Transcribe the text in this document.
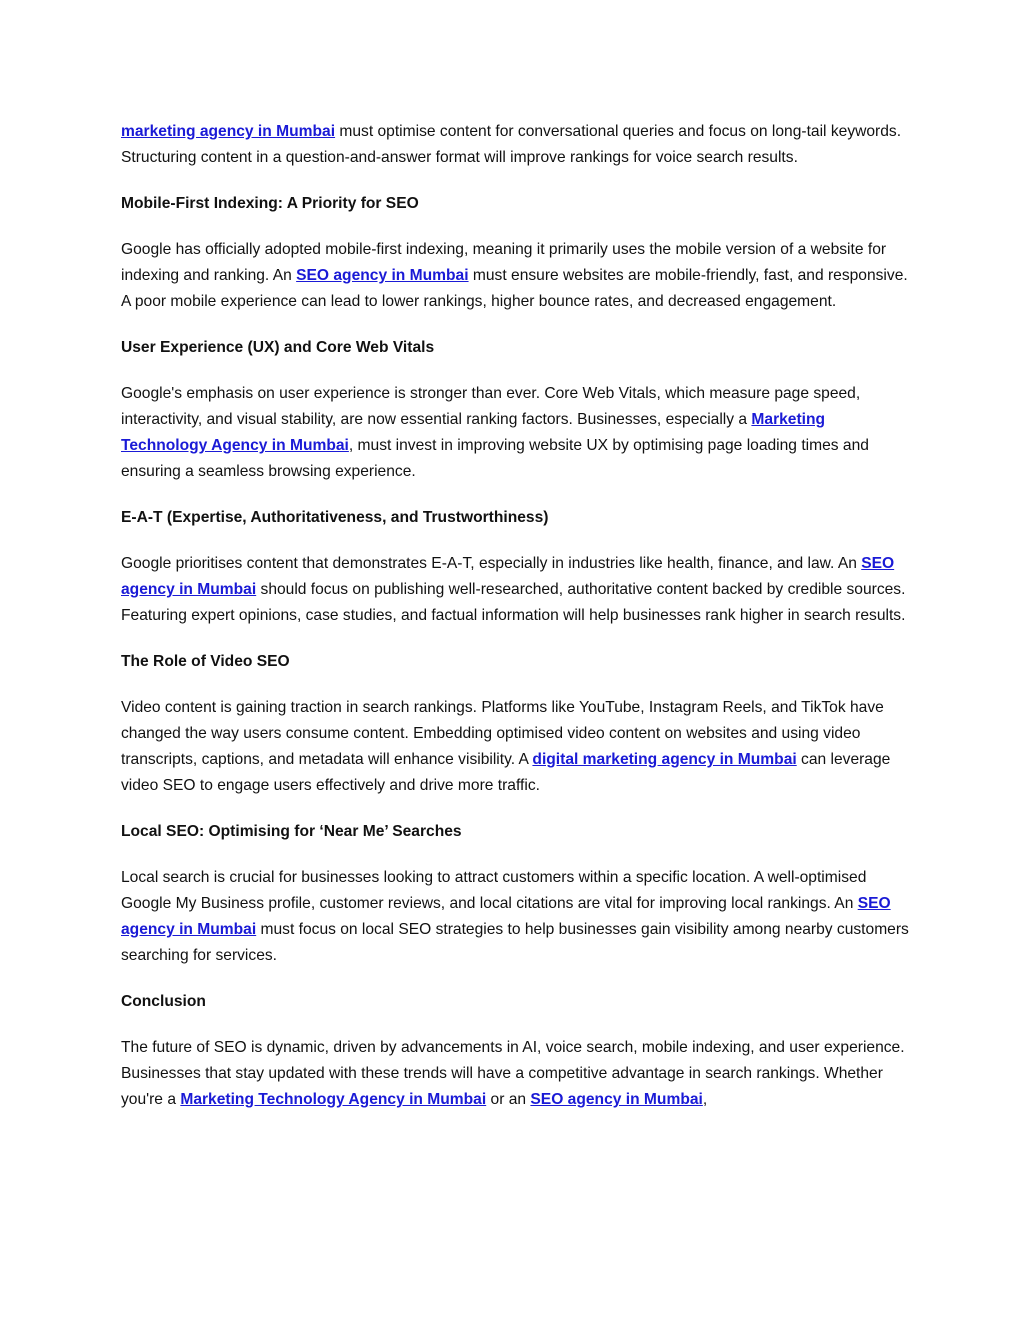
marketing agency in Mumbai must optimise content for conversational queries and focus on long-tail keywords. Structuring content in a question-and-answer format will improve rankings for voice search results.

Mobile-First Indexing: A Priority for SEO

Google has officially adopted mobile-first indexing, meaning it primarily uses the mobile version of a website for indexing and ranking. An SEO agency in Mumbai must ensure websites are mobile-friendly, fast, and responsive. A poor mobile experience can lead to lower rankings, higher bounce rates, and decreased engagement.

User Experience (UX) and Core Web Vitals

Google's emphasis on user experience is stronger than ever. Core Web Vitals, which measure page speed, interactivity, and visual stability, are now essential ranking factors. Businesses, especially a Marketing Technology Agency in Mumbai, must invest in improving website UX by optimising page loading times and ensuring a seamless browsing experience.

E-A-T (Expertise, Authoritativeness, and Trustworthiness)

Google prioritises content that demonstrates E-A-T, especially in industries like health, finance, and law. An SEO agency in Mumbai should focus on publishing well-researched, authoritative content backed by credible sources. Featuring expert opinions, case studies, and factual information will help businesses rank higher in search results.

The Role of Video SEO

Video content is gaining traction in search rankings. Platforms like YouTube, Instagram Reels, and TikTok have changed the way users consume content. Embedding optimised video content on websites and using video transcripts, captions, and metadata will enhance visibility. A digital marketing agency in Mumbai can leverage video SEO to engage users effectively and drive more traffic.

Local SEO: Optimising for ‘Near Me’ Searches

Local search is crucial for businesses looking to attract customers within a specific location. A well-optimised Google My Business profile, customer reviews, and local citations are vital for improving local rankings. An SEO agency in Mumbai must focus on local SEO strategies to help businesses gain visibility among nearby customers searching for services.

Conclusion

The future of SEO is dynamic, driven by advancements in AI, voice search, mobile indexing, and user experience. Businesses that stay updated with these trends will have a competitive advantage in search rankings. Whether you're a Marketing Technology Agency in Mumbai or an SEO agency in Mumbai,
